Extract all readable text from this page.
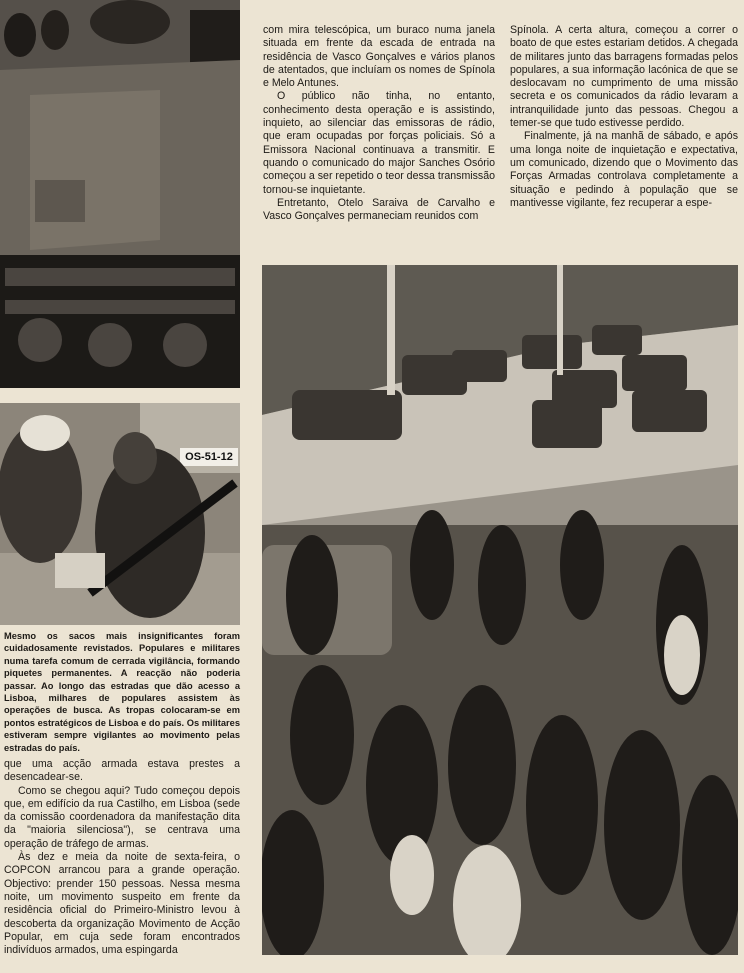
OS-51-12

com mira telescópica, um buraco numa janela situada em frente da escada de entrada na residência de Vasco Gonçalves e vários planos de atentados, que incluíam os nomes de Spínola e Melo Antunes.

O público não tinha, no entanto, conhecimento desta operação e is assistindo, inquieto, ao silenciar das emissoras de rádio, que eram ocupadas por forças policiais. Só a Emissora Nacional continuava a transmitir. E quando o comunicado do major Sanches Osório começou a ser repetido o teor dessa transmissão tornou-se inquietante.

Entretanto, Otelo Saraiva de Carvalho e Vasco Gonçalves permaneciam reunidos com

Spínola. A certa altura, começou a correr o boato de que estes estariam detidos. A chegada de militares junto das barragens formadas pelos populares, a sua informação lacónica de que se deslocavam no cumprimento de uma missão secreta e os comunicados da rádio levaram a intranquilidade junto das pessoas. Chegou a temer-se que tudo estivesse perdido.

Finalmente, já na manhã de sábado, e após uma longa noite de inquietação e expectativa, um comunicado, dizendo que o Movimento das Forças Armadas controlava completamente a situação e pedindo à população que se mantivesse vigilante, fez recuperar a espe-

Mesmo os sacos mais insignificantes foram cuidadosamente revistados. Populares e militares numa tarefa comum de cerrada vigilância, formando piquetes permanentes. A reacção não poderia passar. Ao longo das estradas que dão acesso a Lisboa, milhares de populares assistem às operações de busca. As tropas colocaram-se em pontos estratégicos de Lisboa e do país. Os militares estiveram sempre vigilantes ao movimento pelas estradas do país.

que uma acção armada estava prestes a desencadear-se.

Como se chegou aqui? Tudo começou depois que, em edifício da rua Castilho, em Lisboa (sede da comissão coordenadora da manifestação dita da "maioria silenciosa"), se centrava uma operação de tráfego de armas.

Às dez e meia da noite de sexta-feira, o COPCON arrancou para a grande operação. Objectivo: prender 150 pessoas. Nessa mesma noite, um movimento suspeito em frente da residência oficial do Primeiro-Ministro levou à descoberta da organização Movimento de Acção Popular, em cuja sede foram encontrados indivíduos armados, uma espingarda
